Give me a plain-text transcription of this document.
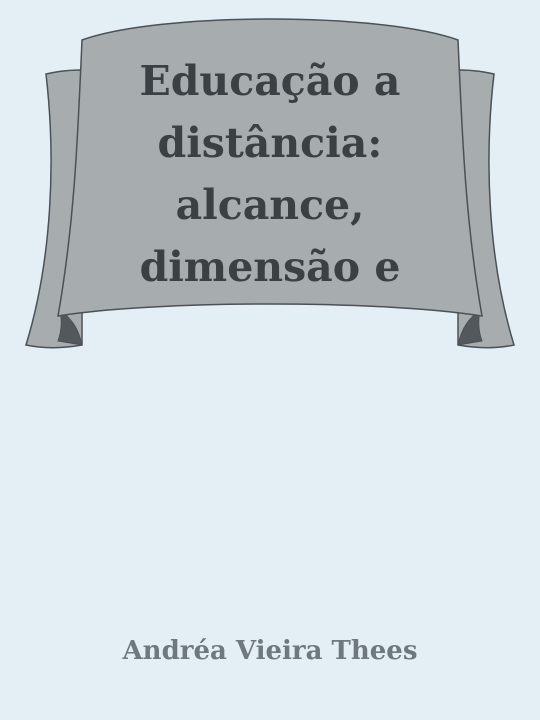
Educação a
distância:
alcance,
dimensão e
Andréa Vieira Thees
